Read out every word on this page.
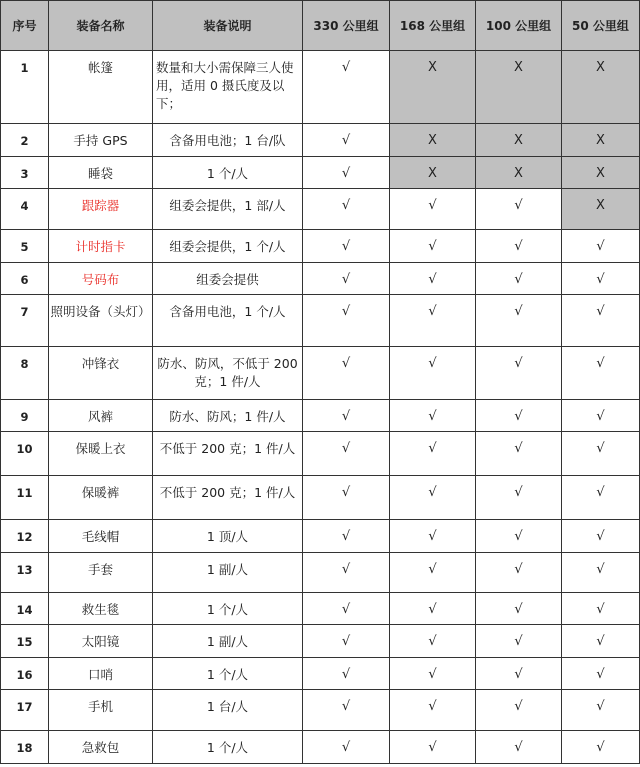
序号	装备名称	装备说明	330 公里组	168 公里组	100 公里组	50 公里组
1	帐篷	数量和大小需保障三人使用，适用 0 摄氏度及以下；	√	X	X	X
2	手持 GPS	含备用电池；1 台/队	√	X	X	X
3	睡袋	1 个/人	√	X	X	X
4	跟踪器	组委会提供，1 部/人	√	√	√	X
5	计时指卡	组委会提供，1 个/人	√	√	√	√
6	号码布	组委会提供	√	√	√	√
7	照明设备（头灯）	含备用电池，1 个/人	√	√	√	√
8	冲锋衣	防水、防风，不低于 200 克；1 件/人	√	√	√	√
9	风裤	防水、防风；1 件/人	√	√	√	√
10	保暖上衣	不低于 200 克；1 件/人	√	√	√	√
11	保暖裤	不低于 200 克；1 件/人	√	√	√	√
12	毛线帽	1 顶/人	√	√	√	√
13	手套	1 副/人	√	√	√	√
14	救生毯	1 个/人	√	√	√	√
15	太阳镜	1 副/人	√	√	√	√
16	口哨	1 个/人	√	√	√	√
17	手机	1 台/人	√	√	√	√
18	急救包	1 个/人	√	√	√	√
